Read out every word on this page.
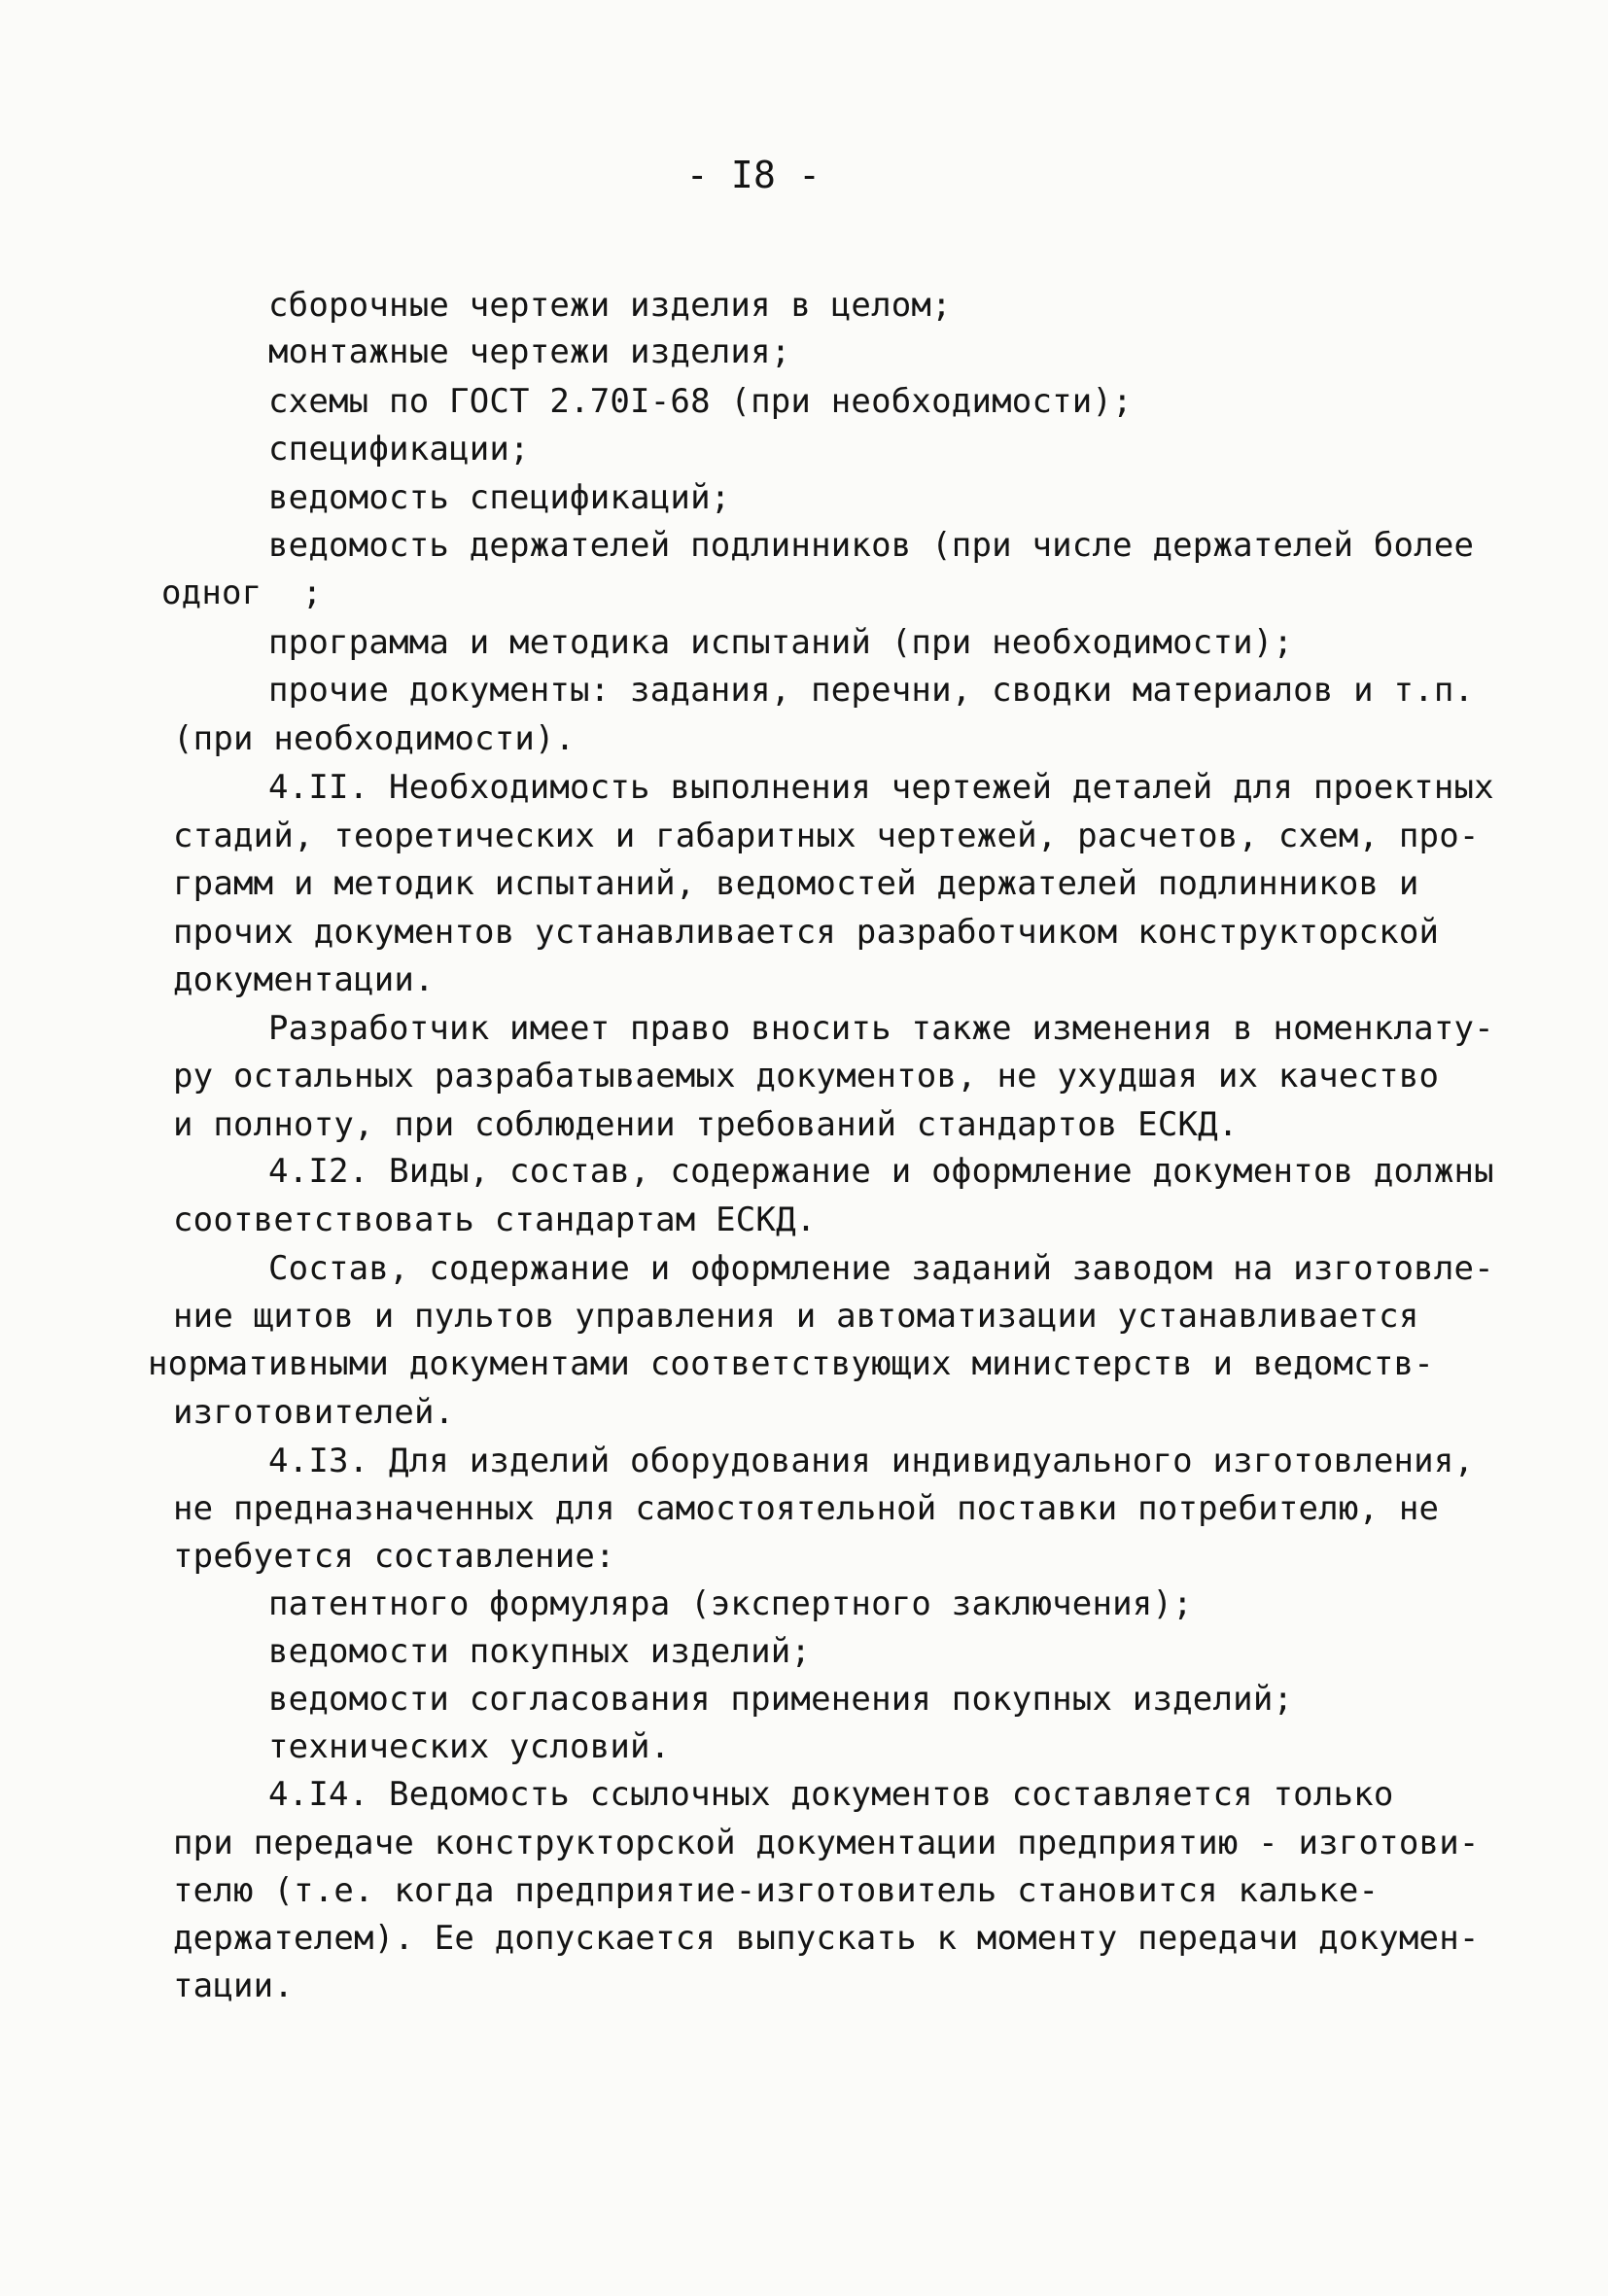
- I8 -
сборочные чертежи изделия в целом;
монтажные чертежи изделия;
схемы по ГОСТ 2.70I-68 (при необходимости);
спецификации;
ведомость спецификаций;
ведомость держателей подлинников (при числе держателей более
одног  ;
программа и методика испытаний (при необходимости);
прочие документы: задания, перечни, сводки материалов и т.п.
(при необходимости).
4.II. Необходимость выполнения чертежей деталей для проектных
стадий, теоретических и габаритных чертежей, расчетов, схем, про-
грамм и методик испытаний, ведомостей держателей подлинников и
прочих документов устанавливается разработчиком конструкторской
документации.
Разработчик имеет право вносить также изменения в номенклату-
ру остальных разрабатываемых документов, не ухудшая их качество
и полноту, при соблюдении требований стандартов ЕСКД.
4.I2. Виды, состав, содержание и оформление документов должны
соответствовать стандартам ЕСКД.
Состав, содержание и оформление заданий заводом на изготовле-
ние щитов и пультов управления и автоматизации устанавливается
нормативными документами соответствующих министерств и ведомств-
изготовителей.
4.I3. Для изделий оборудования индивидуального изготовления,
не предназначенных для самостоятельной поставки потребителю, не
требуется составление:
патентного формуляра (экспертного заключения);
ведомости покупных изделий;
ведомости согласования применения покупных изделий;
технических условий.
4.I4. Ведомость ссылочных документов составляется только
при передаче конструкторской документации предприятию - изготови-
телю (т.е. когда предприятие-изготовитель становится кальке-
держателем). Ее допускается выпускать к моменту передачи докумен-
тации.
